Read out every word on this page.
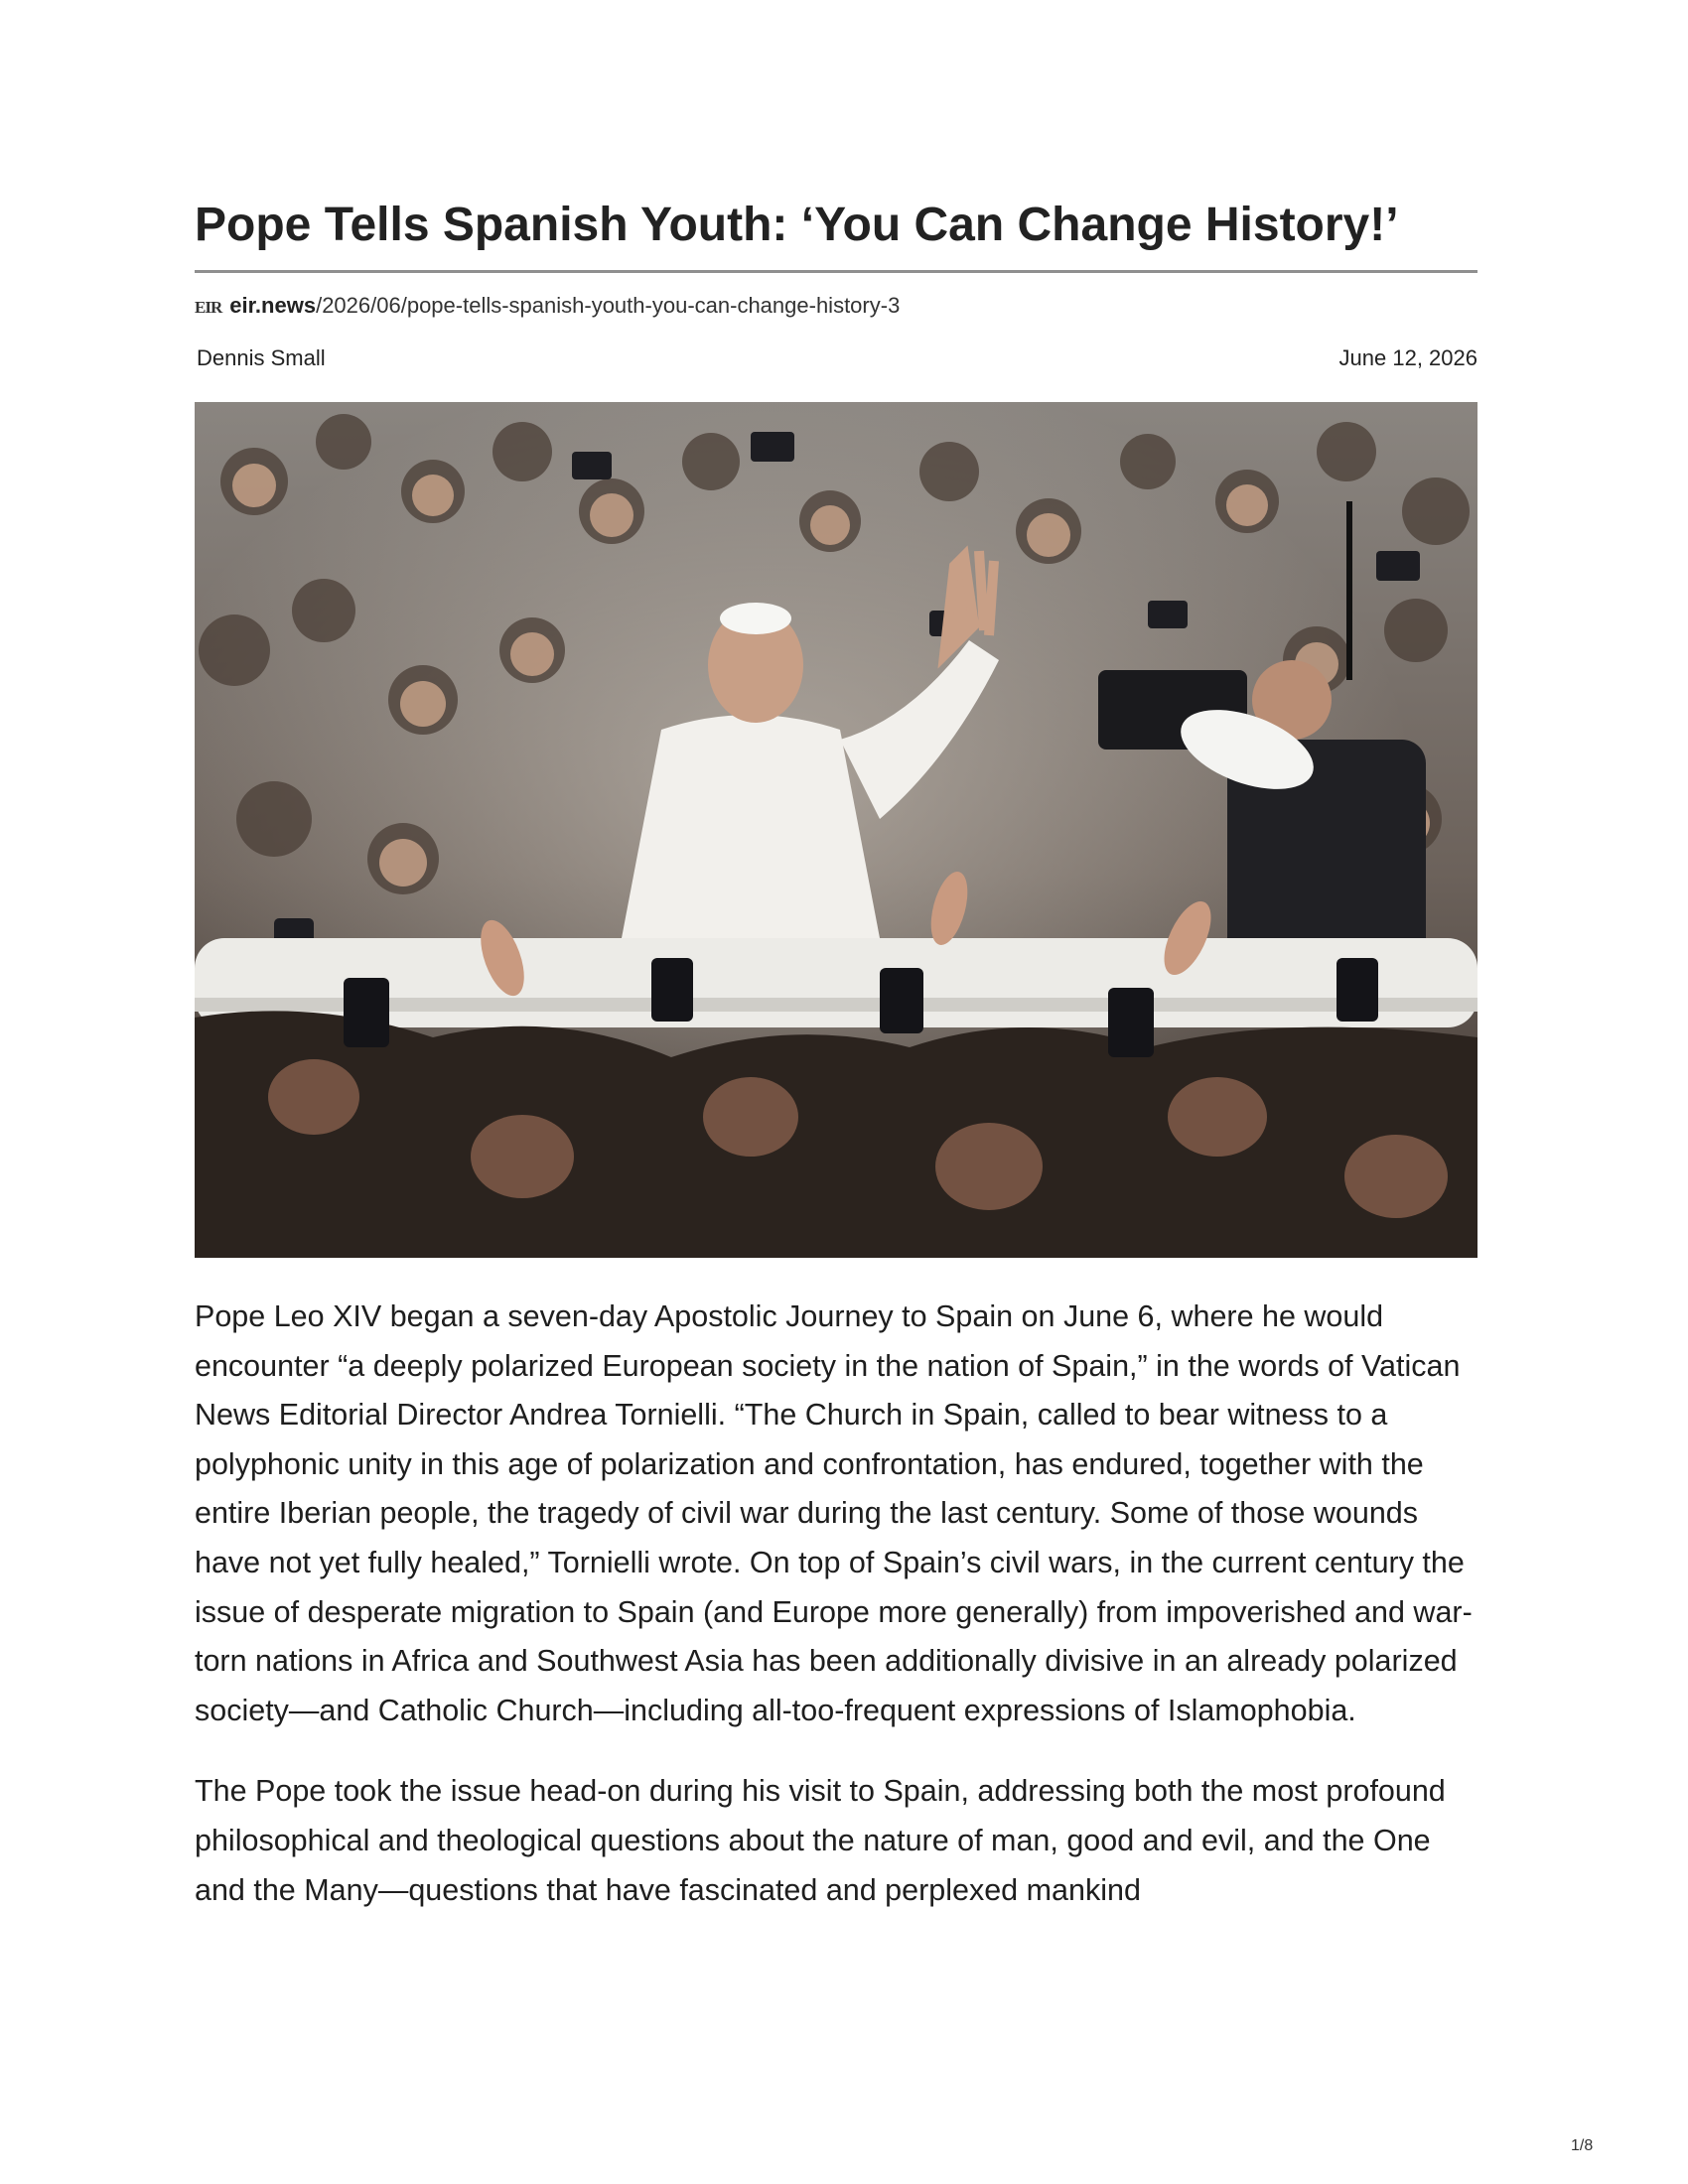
Pope Tells Spanish Youth: ‘You Can Change History!’
EIR eir.news/2026/06/pope-tells-spanish-youth-you-can-change-history-3
Dennis Small	June 12, 2026

Pope Leo XIV began a seven-day Apostolic Journey to Spain on June 6, where he would encounter “a deeply polarized European society in the nation of Spain,” in the words of Vatican News Editorial Director Andrea Tornielli. “The Church in Spain, called to bear witness to a polyphonic unity in this age of polarization and confrontation, has endured, together with the entire Iberian people, the tragedy of civil war during the last century. Some of those wounds have not yet fully healed,” Tornielli wrote. On top of Spain’s civil wars, in the current century the issue of desperate migration to Spain (and Europe more generally) from impoverished and war-torn nations in Africa and Southwest Asia has been additionally divisive in an already polarized society—and Catholic Church—including all-too-frequent expressions of Islamophobia.

The Pope took the issue head-on during his visit to Spain, addressing both the most profound philosophical and theological questions about the nature of man, good and evil, and the One and the Many—questions that have fascinated and perplexed mankind

1/8
